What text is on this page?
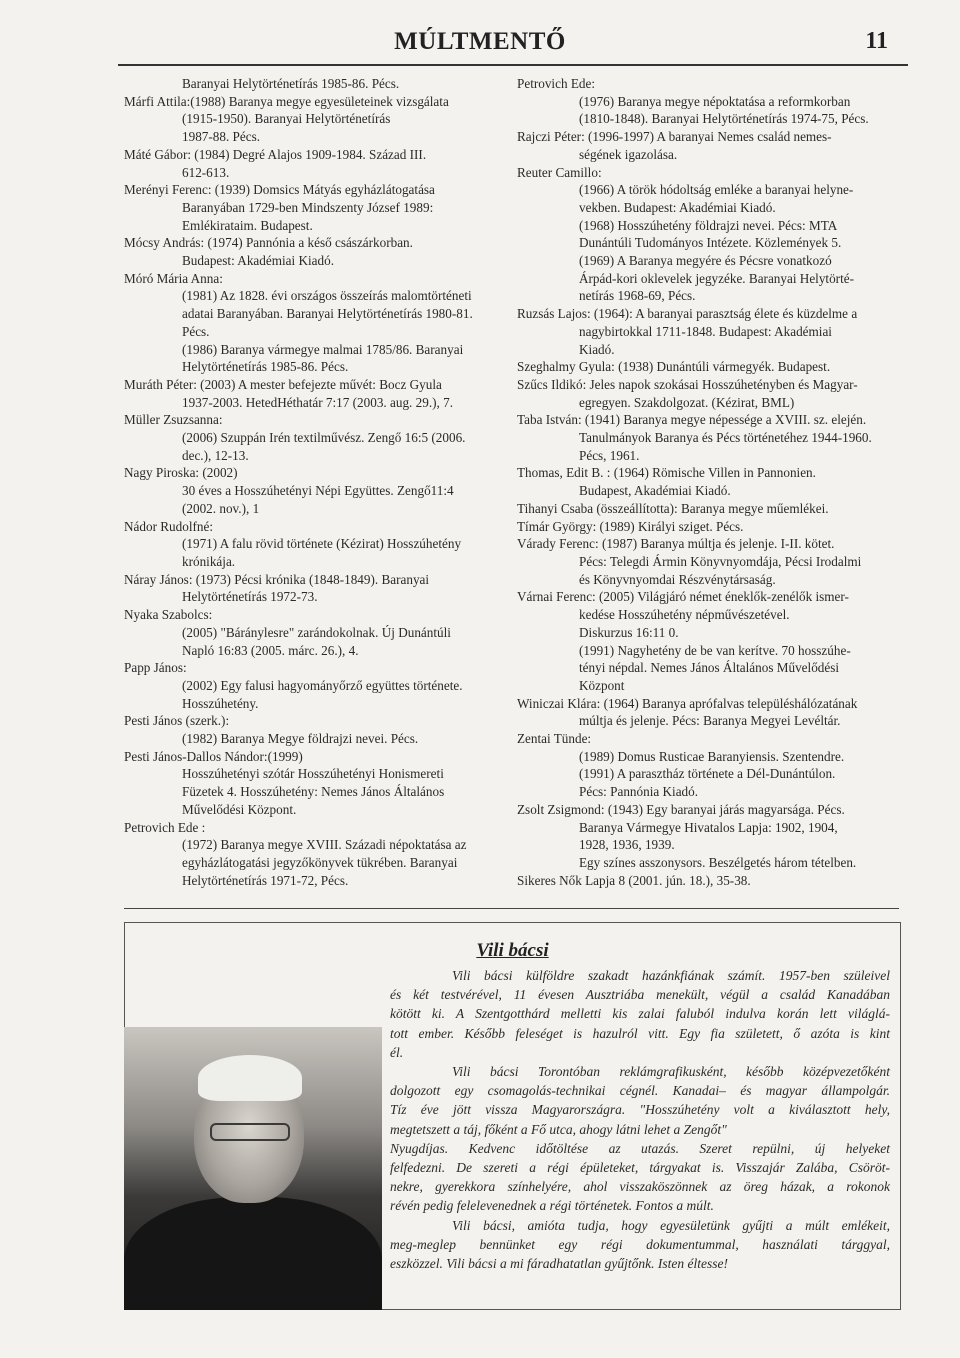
MÚLTMENTŐ	11
Baranyai Helytörténetírás 1985-86. Pécs.
Márfi Attila:(1988) Baranya megye egyesületeinek vizsgálata
(1915-1950). Baranyai Helytörténetírás
1987-88. Pécs.
Máté Gábor: (1984) Degré Alajos 1909-1984. Század III.
612-613.
Merényi Ferenc: (1939) Domsics Mátyás egyházlátogatása
Baranyában 1729-ben Mindszenty József 1989:
Emlékirataim. Budapest.
Mócsy András: (1974) Pannónia a késő császárkorban.
Budapest: Akadémiai Kiadó.
Móró Mária Anna:
(1981) Az 1828. évi országos összeírás malomtörténeti
adatai Baranyában. Baranyai Helytörténetírás 1980-81.
Pécs.
(1986) Baranya vármegye malmai 1785/86. Baranyai
Helytörténetírás 1985-86. Pécs.
Muráth Péter: (2003) A mester befejezte művét: Bocz Gyula
1937-2003. HetedHéthatár 7:17 (2003. aug. 29.), 7.
Müller Zsuzsanna:
(2006) Szuppán Irén textilművész. Zengő 16:5 (2006.
dec.), 12-13.
Nagy Piroska: (2002)
30 éves a Hosszúhetényi Népi Együttes. Zengő11:4
(2002. nov.), 1
Nádor Rudolfné:
(1971) A falu rövid története (Kézirat) Hosszúhetény
krónikája.
Náray János: (1973) Pécsi krónika (1848-1849). Baranyai
Helytörténetírás 1972-73.
Nyaka Szabolcs:
(2005) "Báránylesre" zarándokolnak. Új Dunántúli
Napló 16:83 (2005. márc. 26.), 4.
Papp János:
(2002) Egy falusi hagyományőrző együttes története.
Hosszúhetény.
Pesti János (szerk.):
(1982) Baranya Megye földrajzi nevei. Pécs.
Pesti János-Dallos Nándor:(1999)
Hosszúhetényi szótár Hosszúhetényi Honismereti
Füzetek 4. Hosszúhetény: Nemes János Általános
Művelődési Központ.
Petrovich Ede :
(1972) Baranya megye XVIII. Századi népoktatása az
egyházlátogatási jegyzőkönyvek tükrében. Baranyai
Helytörténetírás 1971-72, Pécs.
Petrovich Ede:
(1976) Baranya megye népoktatása a reformkorban
(1810-1848). Baranyai Helytörténetírás 1974-75, Pécs.
Rajczi Péter: (1996-1997) A baranyai Nemes család nemes-
ségének igazolása.
Reuter Camillo:
(1966) A török hódoltság emléke a baranyai helyne-
vekben. Budapest: Akadémiai Kiadó.
(1968) Hosszúhetény földrajzi nevei. Pécs: MTA
Dunántúli Tudományos Intézete. Közlemények 5.
(1969) A Baranya megyére és Pécsre vonatkozó
Árpád-kori oklevelek jegyzéke. Baranyai Helytörté-
netírás 1968-69, Pécs.
Ruzsás Lajos: (1964): A baranyai parasztság élete és küzdelme a
nagybirtokkal 1711-1848. Budapest: Akadémiai
Kiadó.
Szeghalmy Gyula: (1938) Dunántúli vármegyék. Budapest.
Szűcs Ildikó: Jeles napok szokásai Hosszúhetényben és Magyar-
egregyen. Szakdolgozat. (Kézirat, BML)
Taba István: (1941) Baranya megye népessége a XVIII. sz. elején.
Tanulmányok Baranya és Pécs történetéhez 1944-1960.
Pécs, 1961.
Thomas, Edit B. : (1964) Römische Villen in Pannonien.
Budapest, Akadémiai Kiadó.
Tihanyi Csaba (összeállította): Baranya megye műemlékei.
Tímár György: (1989) Királyi sziget. Pécs.
Várady Ferenc: (1987) Baranya múltja és jelenje. I-II. kötet.
Pécs: Telegdi Ármin Könyvnyomdája, Pécsi Irodalmi
és Könyvnyomdai Részvénytársaság.
Várnai Ferenc: (2005) Világjáró német éneklők-zenélők ismer-
kedése Hosszúhetény népművészetével.
Diskurzus 16:11 0.
(1991) Nagyhetény de be van kerítve. 70 hosszúhe-
tényi népdal. Nemes János Általános Művelődési
Központ
Winiczai Klára: (1964) Baranya aprófalvas településhálózatának
múltja és jelenje. Pécs: Baranya Megyei Levéltár.
Zentai Tünde:
(1989) Domus Rusticae Baranyiensis. Szentendre.
(1991) A parasztház története a Dél-Dunántúlon.
Pécs: Pannónia Kiadó.
Zsolt Zsigmond: (1943) Egy baranyai járás magyarsága. Pécs.
Baranya Vármegye Hivatalos Lapja: 1902, 1904,
1928, 1936, 1939.
Egy színes asszonysors. Beszélgetés három tételben.
Sikeres Nők Lapja 8 (2001. jún. 18.), 35-38.
Vili bácsi
Vili bácsi külföldre szakadt hazánkfiának számít. 1957-ben szüleivel
és két testvérével, 11 évesen Ausztriába menekült, végül a család Kanadában
kötött ki. A Szentgotthárd melletti kis zalai faluból indulva korán lett világlá-
tott ember. Később feleséget is hazulról vitt. Egy fia született, ő azóta is kint
él.
Vili bácsi Torontóban reklámgrafikusként, később középvezetőként
dolgozott egy csomagolás-technikai cégnél. Kanadai– és magyar állampolgár.
Tíz éve jött vissza Magyarországra. "Hosszúhetény volt a kiválasztott hely,
megtetszett a táj, főként a Fő utca, ahogy látni lehet a Zengőt"
Nyugdíjas. Kedvenc időtöltése az utazás. Szeret repülni, új helyeket
felfedezni. De szereti a régi épületeket, tárgyakat is. Visszajár Zalába, Csöröt-
nekre, gyerekkora színhelyére, ahol visszaköszönnek az öreg házak, a rokonok
révén pedig felelevenednek a régi történetek. Fontos a múlt.
Vili bácsi, amióta tudja, hogy egyesületünk gyűjti a múlt emlékeit,
meg-meglep bennünket egy régi dokumentummal, használati tárggyal,
eszközzel. Vili bácsi a mi fáradhatatlan gyűjtőnk. Isten éltesse!
